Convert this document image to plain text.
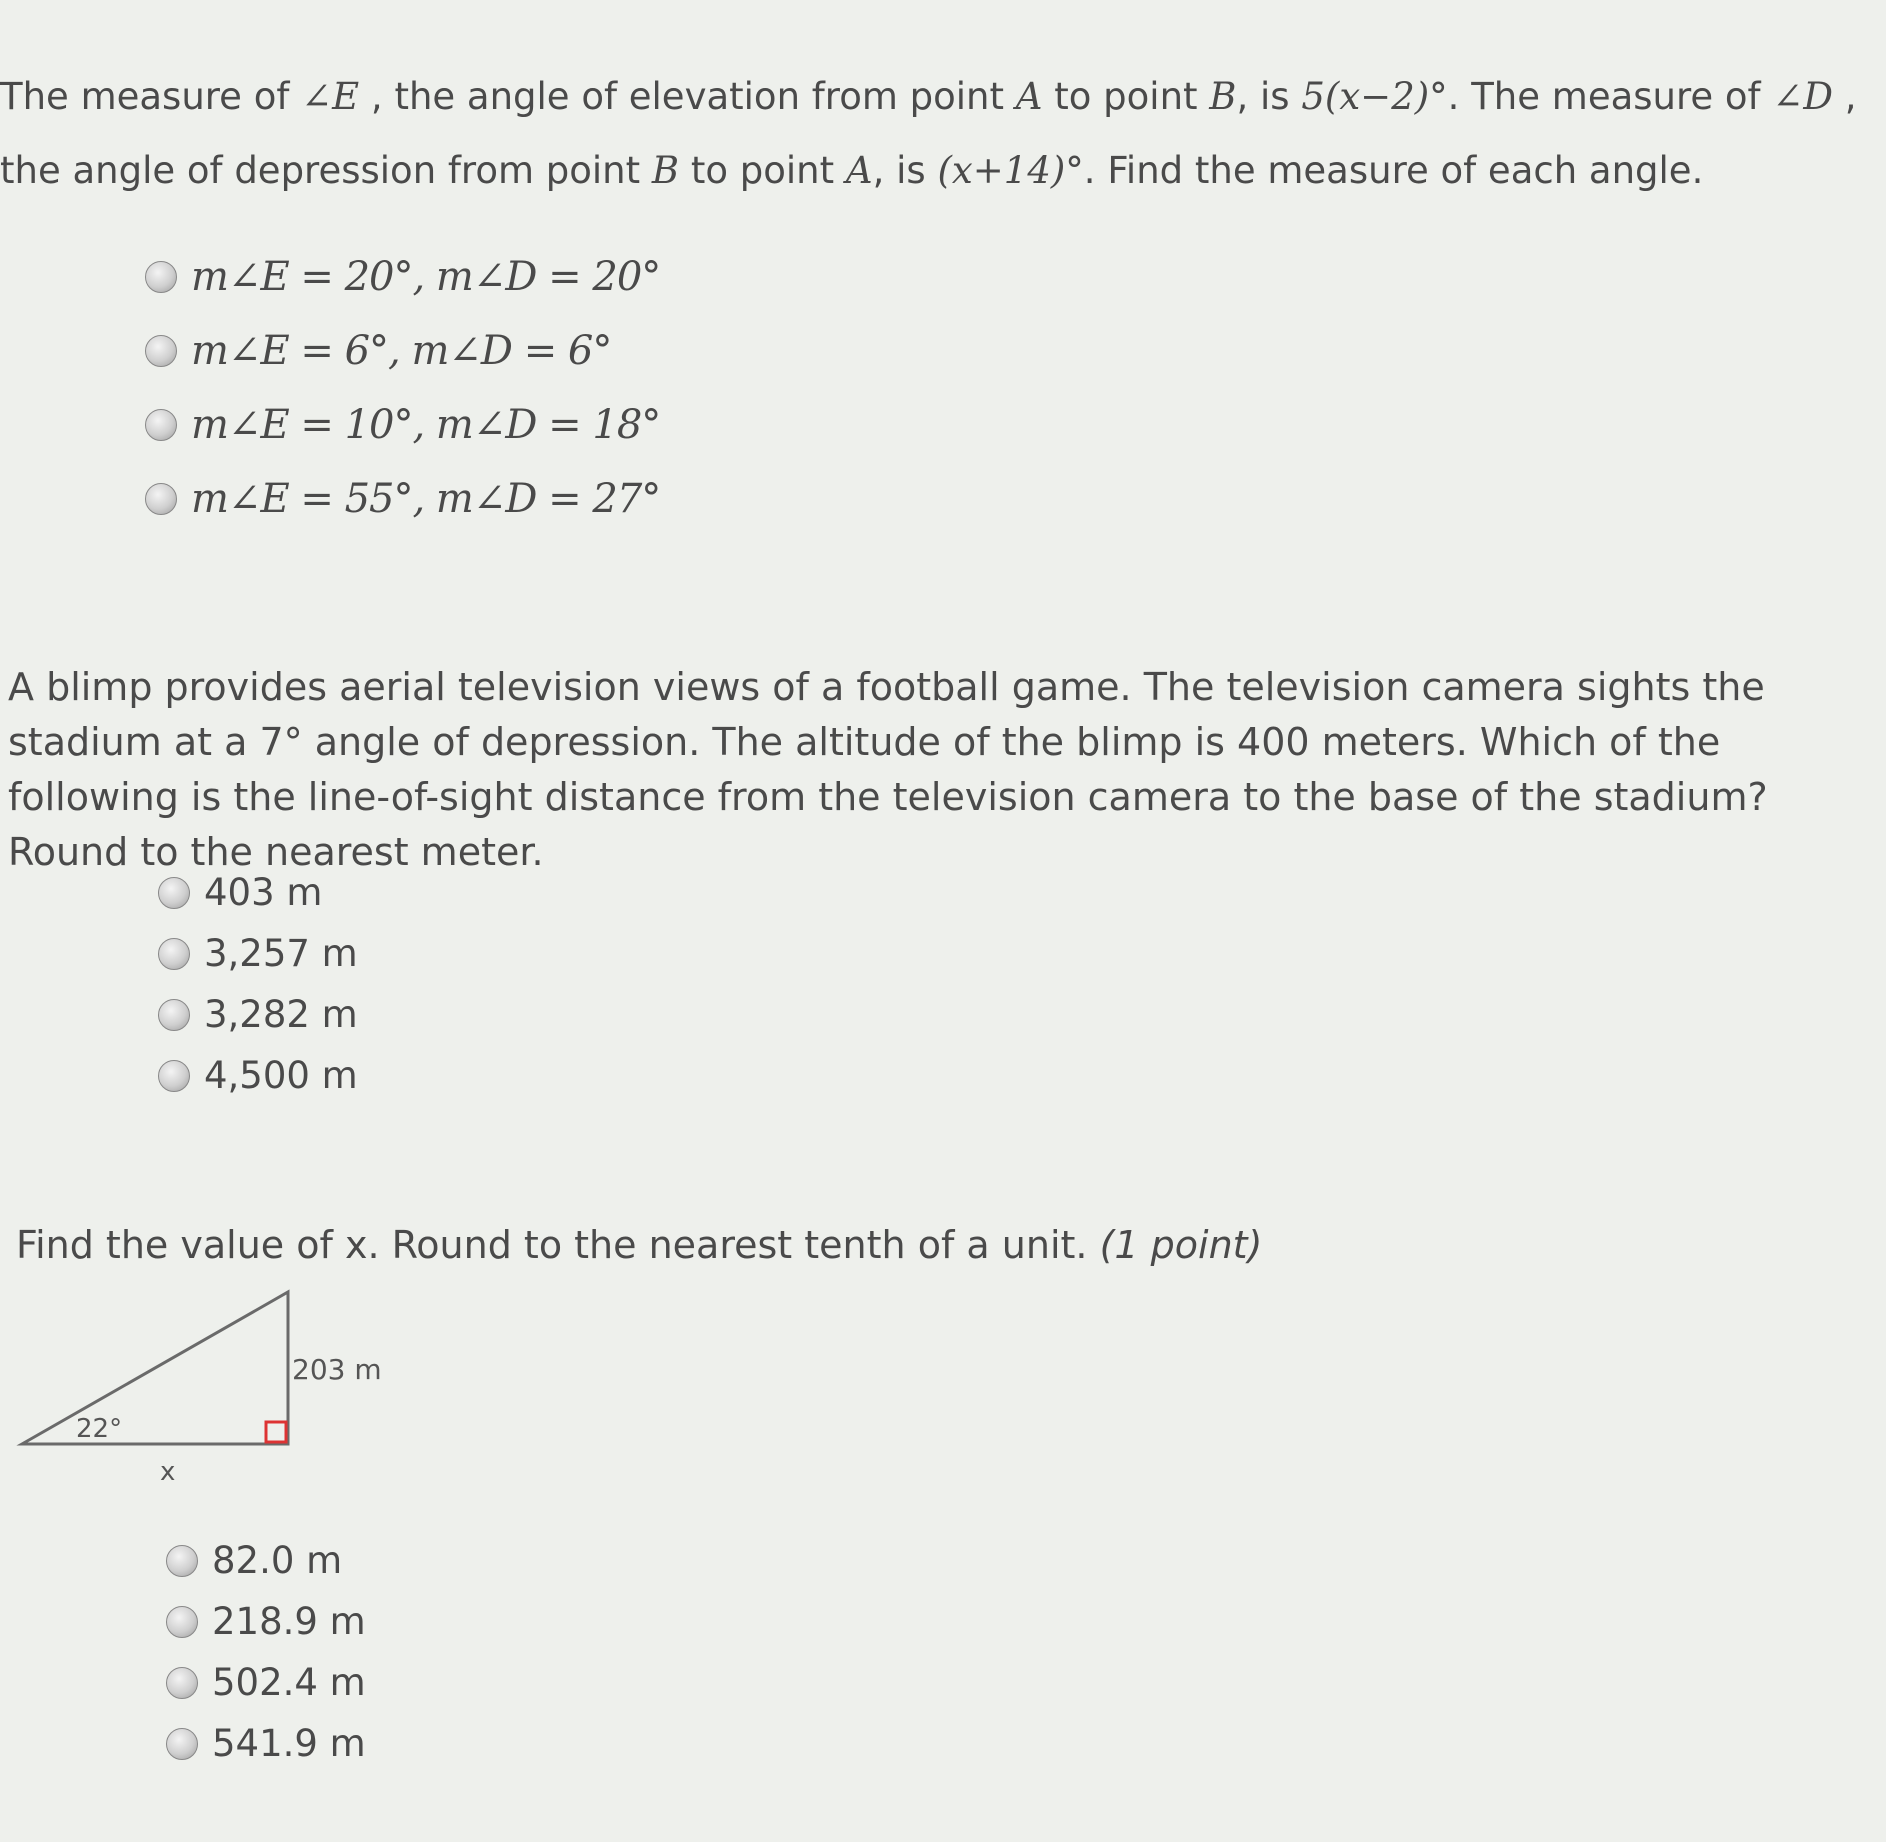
The measure of ∠E , the angle of elevation from point A to point B, is 5(x−2)°. The measure of ∠D , the angle of depression from point B to point A, is (x+14)°. Find the measure of each angle.
m∠E = 20°, m∠D = 20°
m∠E = 6°, m∠D = 6°
m∠E = 10°, m∠D = 18°
m∠E = 55°, m∠D = 27°
A blimp provides aerial television views of a football game. The television camera sights the stadium at a 7° angle of depression. The altitude of the blimp is 400 meters. Which of the following is the line-of-sight distance from the television camera to the base of the stadium? Round to the nearest meter.
403 m
3,257 m
3,282 m
4,500 m
Find the value of x. Round to the nearest tenth of a unit. (1 point)
203 m
22°
x
82.0 m
218.9 m
502.4 m
541.9 m
